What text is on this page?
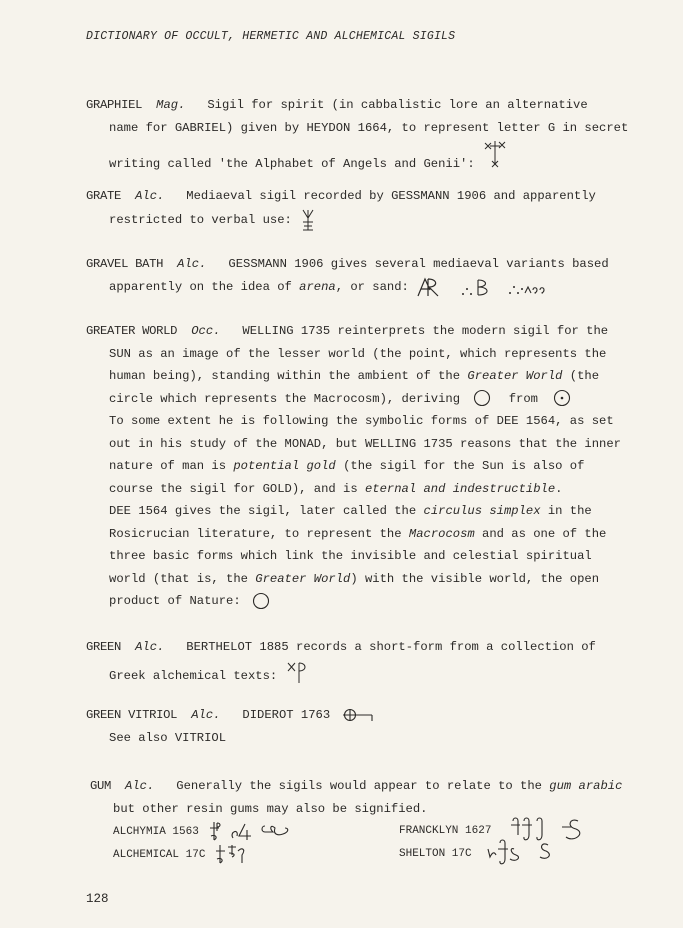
DICTIONARY OF OCCULT, HERMETIC AND ALCHEMICAL SIGILS
GRAPHIEL Mag. Sigil for spirit (in cabbalistic lore an alternative
name for GABRIEL) given by HEYDON 1664, to represent letter G in secret
writing called 'the Alphabet of Angels and Genii':
GRATE Alc. Mediaeval sigil recorded by GESSMANN 1906 and apparently
restricted to verbal use:
GRAVEL BATH Alc. GESSMANN 1906 gives several mediaeval variants based
apparently on the idea of arena, or sand:

GREATER WORLD Occ. WELLING 1735 reinterprets the modern sigil for the
SUN as an image of the lesser world (the point, which represents the
human being), standing within the ambient of the Greater World (the
circle which represents the Macrocosm), deriving	from
To some extent he is following the symbolic forms of DEE 1564, as set
out in his study of the MONAD, but WELLING 1735 reasons that the inner
nature of man is potential gold (the sigil for the Sun is also of
course the sigil for GOLD), and is eternal and indestructible.
DEE 1564 gives the sigil, later called the circulus simplex in the
Rosicrucian literature, to represent the Macrocosm and as one of the
three basic forms which link the invisible and celestial spiritual
world (that is, the Greater World) with the visible world, the open
product of Nature:
GREEN Alc. BERTHELOT 1885 records a short-form from a collection of
Greek alchemical texts:
GREEN VITRIOL Alc. DIDEROT 1763
See also VITRIOL
GUM Alc. Generally the sigils would appear to relate to the gum arabic
but other resin gums may also be signified.
ALCHYMIA 1563	FRANCKLYN 1627
ALCHEMICAL 17C	SHELTON 17C
128
